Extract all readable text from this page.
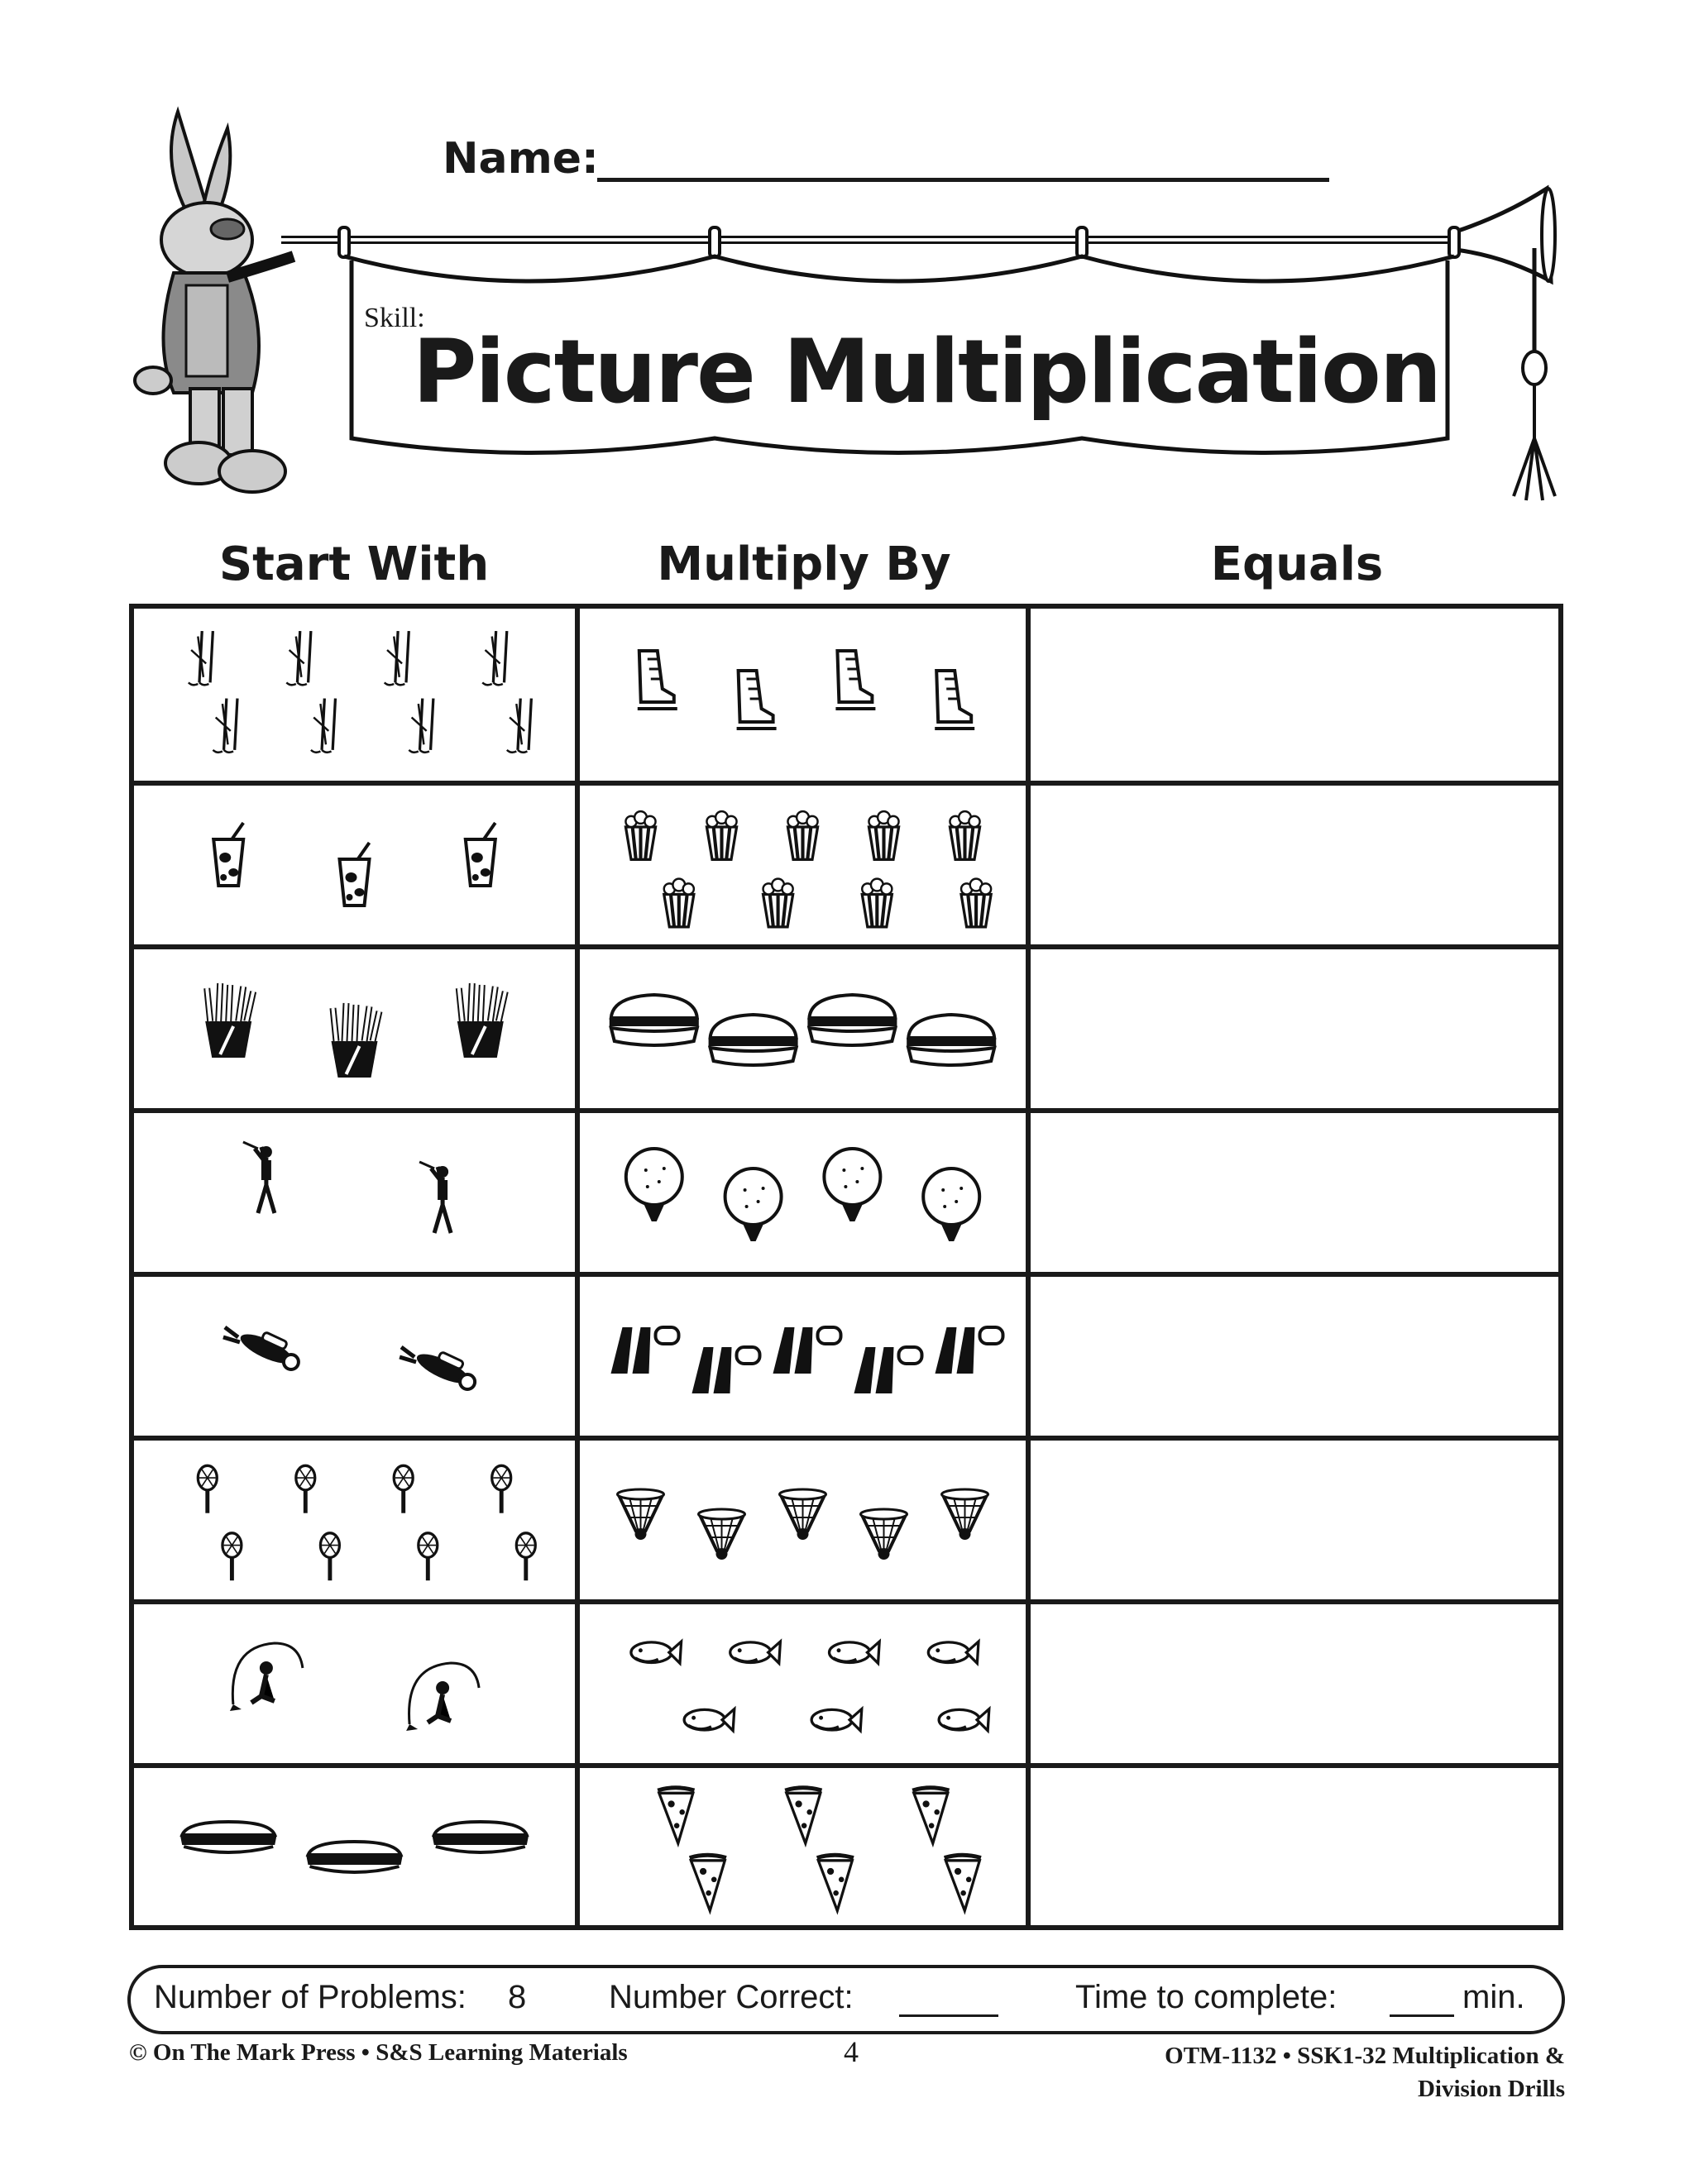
Name:
Skill:
Picture Multiplication
Start With	Multiply By	Equals
Number of Problems: 8 Number Correct:	Time to complete:	min.
© On The Mark Press • S&S Learning Materials	4	OTM-1132 • SSK1-32 Multiplication &
Division Drills
